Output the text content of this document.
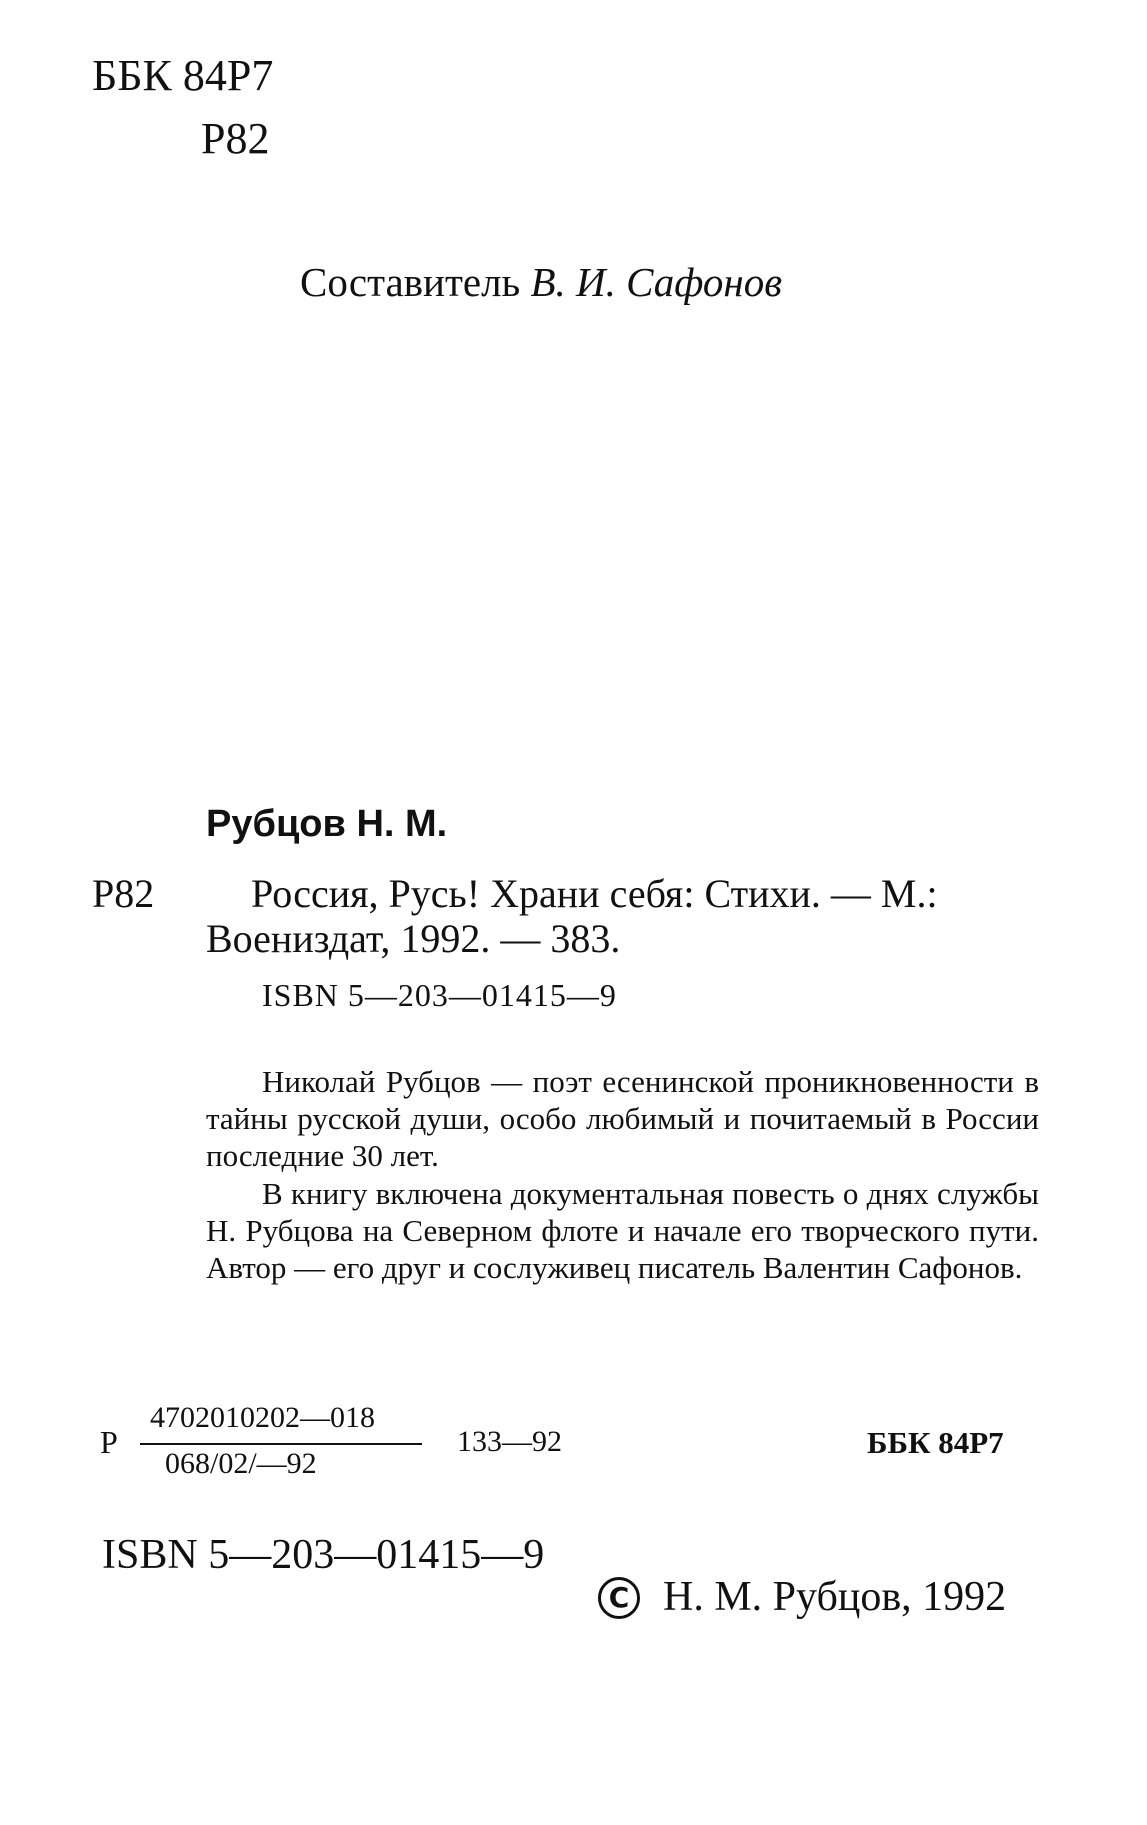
ББК 84Р7
Р82
Составитель В. И. Сафонов
Рубцов Н. М.
Р82 Россия, Русь! Храни себя: Стихи. — М.:
Воениздат, 1992. — 383.
ISBN 5—203—01415—9

Николай Рубцов — поэт есенинской проникновенности в тайны русской души, особо любимый и почитаемый в России последние 30 лет.

В книгу включена документальная повесть о днях службы Н. Рубцова на Северном флоте и начале его творческого пути. Автор — его друг и сослуживец писатель Валентин Сафонов.

Р
4702010202—018
068/02/—92
133—92	ББК 84Р7
ISBN 5—203—01415—9
C Н. М. Рубцов, 1992
